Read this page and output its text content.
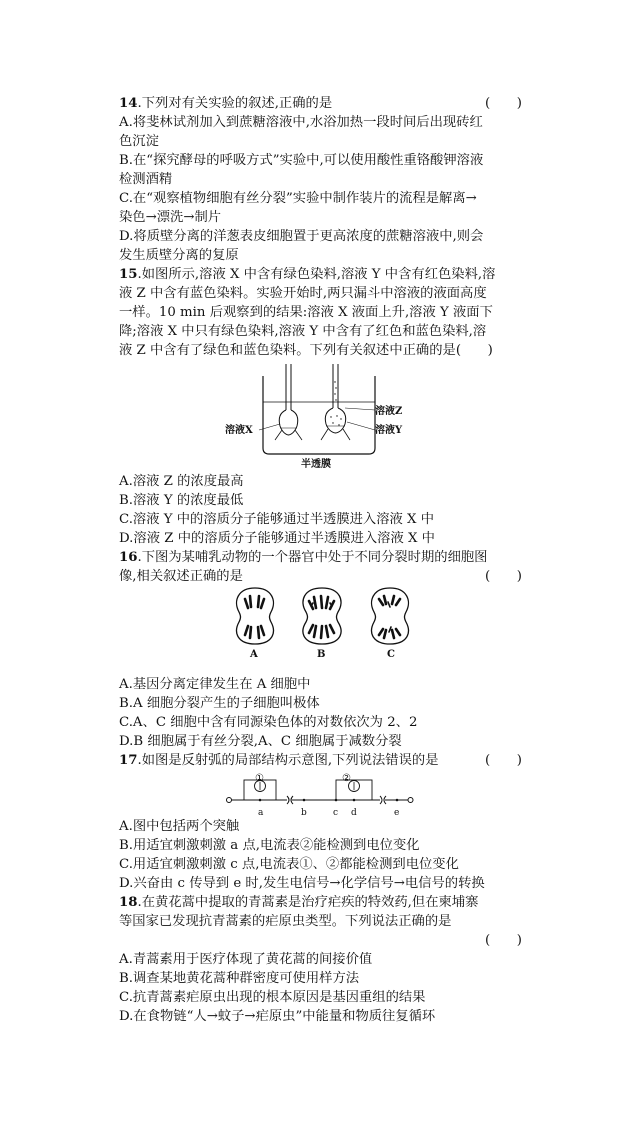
14.下列对有关实验的叙述,正确的是	(　　)
A.将斐林试剂加入到蔗糖溶液中,水浴加热一段时间后出现砖红
色沉淀
B.在“探究酵母的呼吸方式”实验中,可以使用酸性重铬酸钾溶液
检测酒精
C.在“观察植物细胞有丝分裂”实验中制作装片的流程是解离→
染色→漂洗→制片
D.将质壁分离的洋葱表皮细胞置于更高浓度的蔗糖溶液中,则会
发生质壁分离的复原
15.如图所示,溶液 X 中含有绿色染料,溶液 Y 中含有红色染料,溶
液 Z 中含有蓝色染料。实验开始时,两只漏斗中溶液的液面高度
一样。10 min 后观察到的结果:溶液 X 液面上升,溶液 Y 液面下
降;溶液 X 中只有绿色染料,溶液 Y 中含有了红色和蓝色染料,溶
液 Z 中含有了绿色和蓝色染料。下列有关叙述中正确的是(　　)
溶液Z
溶液X	溶液Y
半透膜
A.溶液 Z 的浓度最高
B.溶液 Y 的浓度最低
C.溶液 Y 中的溶质分子能够通过半透膜进入溶液 X 中
D.溶液 Z 中的溶质分子能够通过半透膜进入溶液 X 中
16.下图为某哺乳动物的一个器官中处于不同分裂时期的细胞图
像,相关叙述正确的是	(　　)
A	B	C
A.基因分离定律发生在 A 细胞中
B.A 细胞分裂产生的子细胞叫极体
C.A、C 细胞中含有同源染色体的对数依次为 2、2
D.B 细胞属于有丝分裂,A、C 细胞属于减数分裂
17.如图是反射弧的局部结构示意图,下列说法错误的是	(　　)
①	②
a	b	c d	e
A.图中包括两个突触
B.用适宜刺激刺激 a 点,电流表②能检测到电位变化
C.用适宜刺激刺激 c 点,电流表①、②都能检测到电位变化
D.兴奋由 c 传导到 e 时,发生电信号→化学信号→电信号的转换
18.在黄花蒿中提取的青蒿素是治疗疟疾的特效药,但在柬埔寨
等国家已发现抗青蒿素的疟原虫类型。下列说法正确的是
(　　)
A.青蒿素用于医疗体现了黄花蒿的间接价值
B.调查某地黄花蒿种群密度可使用样方法
C.抗青蒿素疟原虫出现的根本原因是基因重组的结果
D.在食物链“人→蚊子→疟原虫”中能量和物质往复循环
